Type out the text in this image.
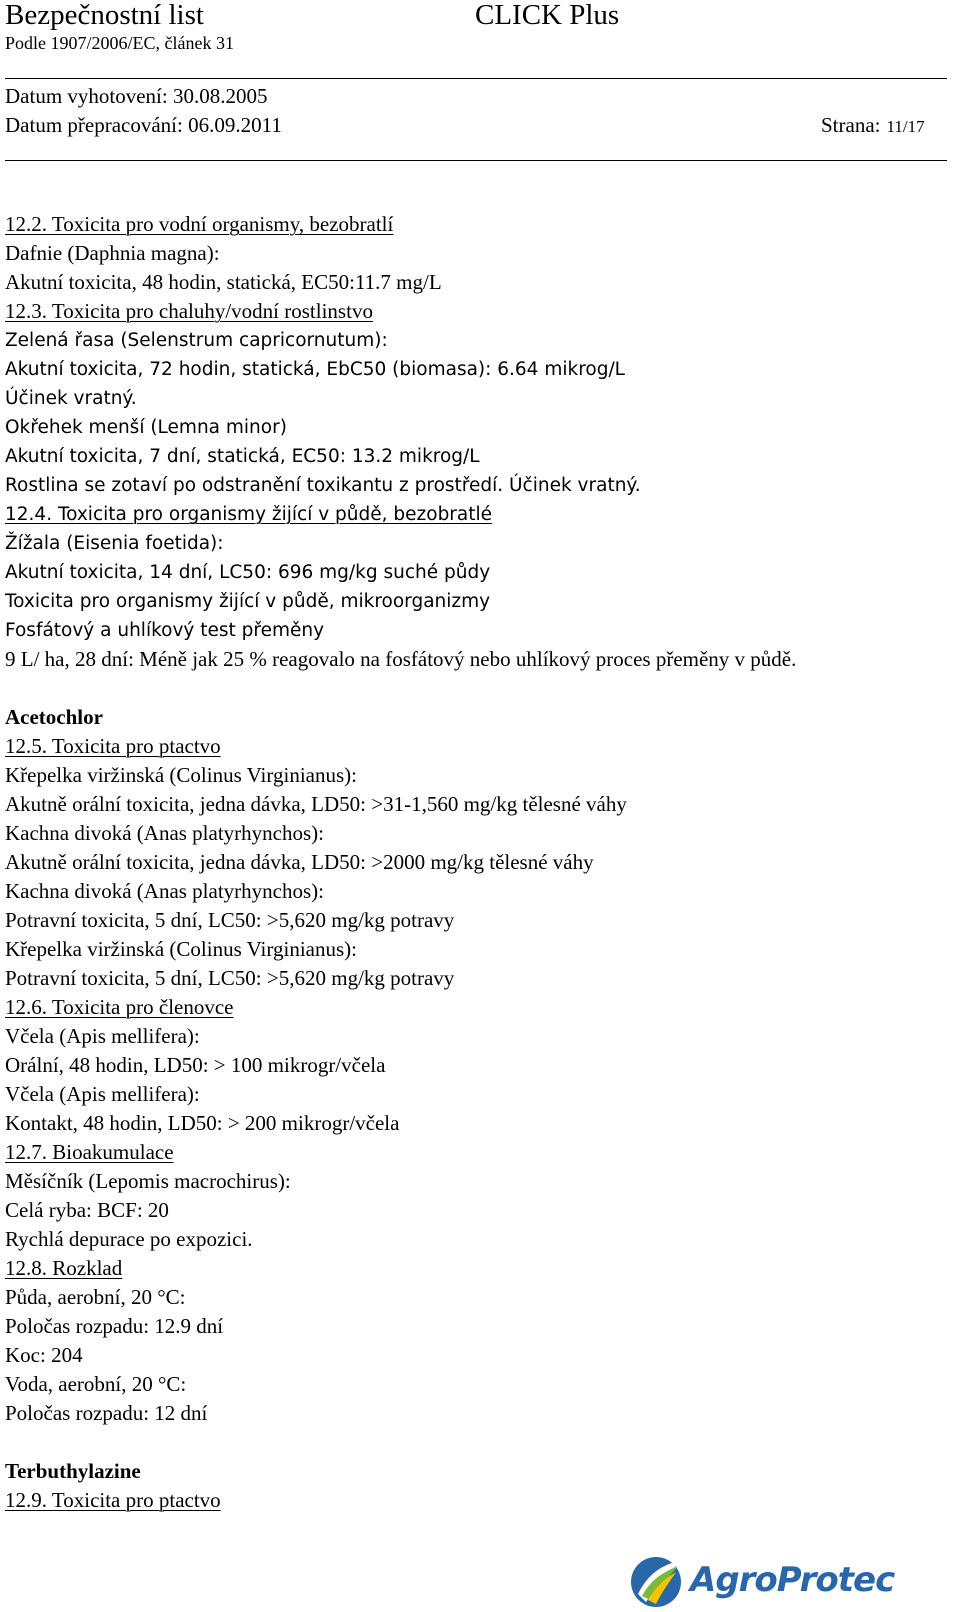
Bezpečnostní list	CLICK Plus
Podle 1907/2006/EC, článek 31
Datum vyhotovení: 30.08.2005
Datum přepracování: 06.09.2011	Strana: 11/17
12.2. Toxicita pro vodní organismy, bezobratlí
Dafnie (Daphnia magna):
Akutní toxicita, 48 hodin, statická, EC50:11.7 mg/L
12.3. Toxicita pro chaluhy/vodní rostlinstvo
Zelená řasa (Selenstrum capricornutum):
Akutní toxicita, 72 hodin, statická, EbC50 (biomasa): 6.64 mikrog/L
Účinek vratný.
Okřehek menší (Lemna minor)
Akutní toxicita, 7 dní, statická, EC50: 13.2 mikrog/L
Rostlina se zotaví po odstranění toxikantu z prostředí. Účinek vratný.
12.4. Toxicita pro organismy žijící v půdě, bezobratlé
Žížala (Eisenia foetida):
Akutní toxicita, 14 dní, LC50: 696 mg/kg suché půdy
Toxicita pro organismy žijící v půdě, mikroorganizmy
Fosfátový a uhlíkový test přeměny
9 L/ ha, 28 dní: Méně jak 25 % reagovalo na fosfátový nebo uhlíkový proces přeměny v půdě.
Acetochlor
12.5. Toxicita pro ptactvo
Křepelka viržinská (Colinus Virginianus):
Akutně orální toxicita, jedna dávka, LD50: >31-1,560 mg/kg tělesné váhy
Kachna divoká (Anas platyrhynchos):
Akutně orální toxicita, jedna dávka, LD50: >2000 mg/kg tělesné váhy
Kachna divoká (Anas platyrhynchos):
Potravní toxicita, 5 dní, LC50: >5,620 mg/kg potravy
Křepelka viržinská (Colinus Virginianus):
Potravní toxicita, 5 dní, LC50: >5,620 mg/kg potravy
12.6. Toxicita pro členovce
Včela (Apis mellifera):
Orální, 48 hodin, LD50: > 100 mikrogr/včela
Včela (Apis mellifera):
Kontakt, 48 hodin, LD50: > 200 mikrogr/včela
12.7. Bioakumulace
Měsíčník (Lepomis macrochirus):
Celá ryba: BCF: 20
Rychlá depurace po expozici.
12.8. Rozklad
Půda, aerobní, 20 °C:
Poločas rozpadu: 12.9 dní
Koc: 204
Voda, aerobní, 20 °C:
Poločas rozpadu: 12 dní
Terbuthylazine
12.9. Toxicita pro ptactvo
AgroProtec
